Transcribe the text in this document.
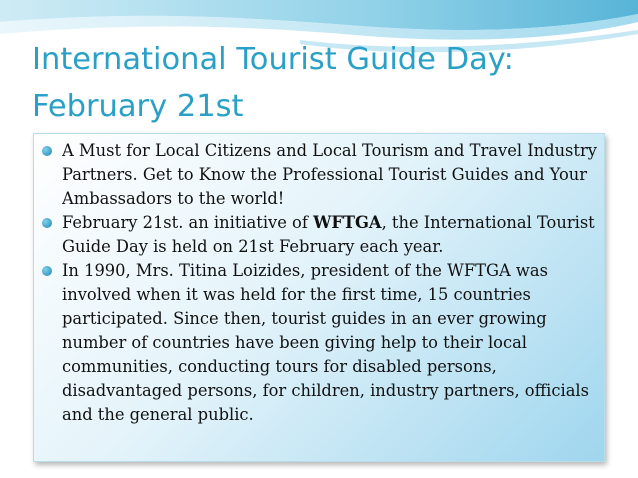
International Tourist Guide Day:
February 21st

A Must for Local Citizens and Local Tourism and Travel Industry Partners. Get to Know the Professional Tourist Guides and Your Ambassadors to the world!

February 21st. an initiative of WFTGA, the International Tourist Guide Day is held on 21st February each year.

In 1990, Mrs. Titina Loizides, president of the WFTGA was involved when it was held for the first time, 15 countries participated. Since then, tourist guides in an ever growing number of countries have been giving help to their local communities, conducting tours for disabled persons, disadvantaged persons, for children, industry partners, officials and the general public.
